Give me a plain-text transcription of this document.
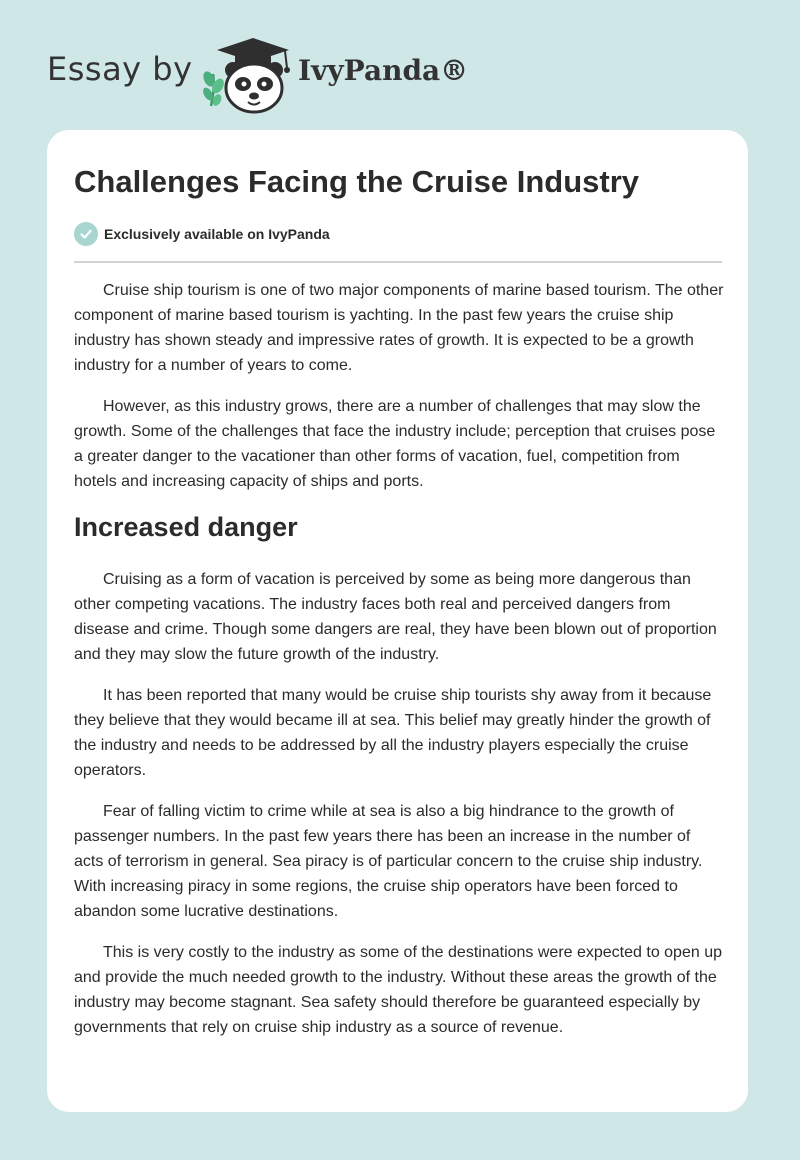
Essay by	IvyPanda®
Challenges Facing the Cruise Industry
Exclusively available on IvyPanda

Cruise ship tourism is one of two major components of marine based tourism. The other component of marine based tourism is yachting. In the past few years the cruise ship industry has shown steady and impressive rates of growth. It is expected to be a growth industry for a number of years to come.

However, as this industry grows, there are a number of challenges that may slow the growth. Some of the challenges that face the industry include; perception that cruises pose a greater danger to the vacationer than other forms of vacation, fuel, competition from hotels and increasing capacity of ships and ports.

Increased danger

Cruising as a form of vacation is perceived by some as being more dangerous than other competing vacations. The industry faces both real and perceived dangers from disease and crime. Though some dangers are real, they have been blown out of proportion and they may slow the future growth of the industry.

It has been reported that many would be cruise ship tourists shy away from it because they believe that they would became ill at sea. This belief may greatly hinder the growth of the industry and needs to be addressed by all the industry players especially the cruise operators.

Fear of falling victim to crime while at sea is also a big hindrance to the growth of passenger numbers. In the past few years there has been an increase in the number of acts of terrorism in general. Sea piracy is of particular concern to the cruise ship industry. With increasing piracy in some regions, the cruise ship operators have been forced to abandon some lucrative destinations.

This is very costly to the industry as some of the destinations were expected to open up and provide the much needed growth to the industry. Without these areas the growth of the industry may become stagnant. Sea safety should therefore be guaranteed especially by governments that rely on cruise ship industry as a source of revenue.
